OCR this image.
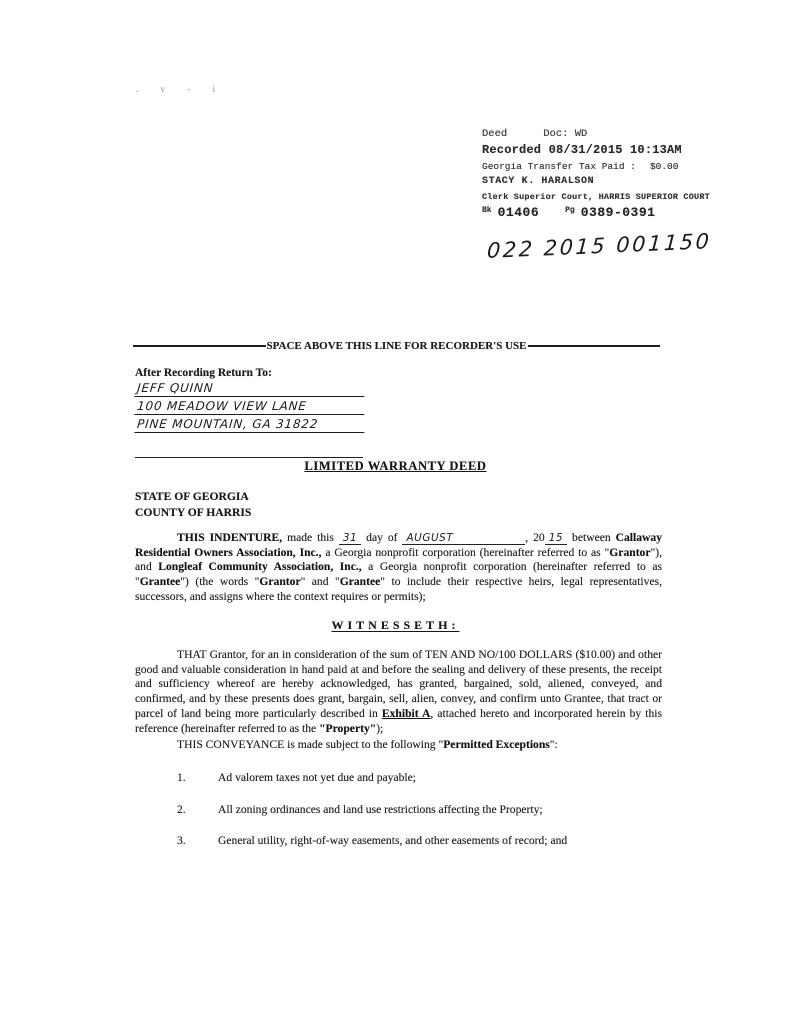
. v - i
Deed	Doc: WD
Recorded 08/31/2015 10:13AM
Georgia Transfer Tax Paid : $0.00
STACY K. HARALSON
Clerk Superior Court, HARRIS SUPERIOR COURT
Bk 01406	Pg 0389-0391
022 2015 001150
SPACE ABOVE THIS LINE FOR RECORDER'S USE
After Recording Return To:
JEFF QUINN
100 MEADOW VIEW LANE
PINE MOUNTAIN, GA 31822
LIMITED WARRANTY DEED
STATE OF GEORGIA
COUNTY OF HARRIS
THIS INDENTURE, made this 31 day of AUGUST	, 20 15 between Callaway Residential Owners Association, Inc., a Georgia nonprofit corporation (hereinafter referred to as "Grantor"), and Longleaf Community Association, Inc., a Georgia nonprofit corporation (hereinafter referred to as "Grantee") (the words "Grantor" and "Grantee" to include their respective heirs, legal representatives, successors, and assigns where the context requires or permits);
WITNESSETH:
THAT Grantor, for an in consideration of the sum of TEN AND NO/100 DOLLARS ($10.00) and other good and valuable consideration in hand paid at and before the sealing and delivery of these presents, the receipt and sufficiency whereof are hereby acknowledged, has granted, bargained, sold, aliened, conveyed, and confirmed, and by these presents does grant, bargain, sell, alien, convey, and confirm unto Grantee, that tract or parcel of land being more particularly described in Exhibit A, attached hereto and incorporated herein by this reference (hereinafter referred to as the "Property");
THIS CONVEYANCE is made subject to the following "Permitted Exceptions":
1.	Ad valorem taxes not yet due and payable;
2.	All zoning ordinances and land use restrictions affecting the Property;
3.	General utility, right-of-way easements, and other easements of record; and
